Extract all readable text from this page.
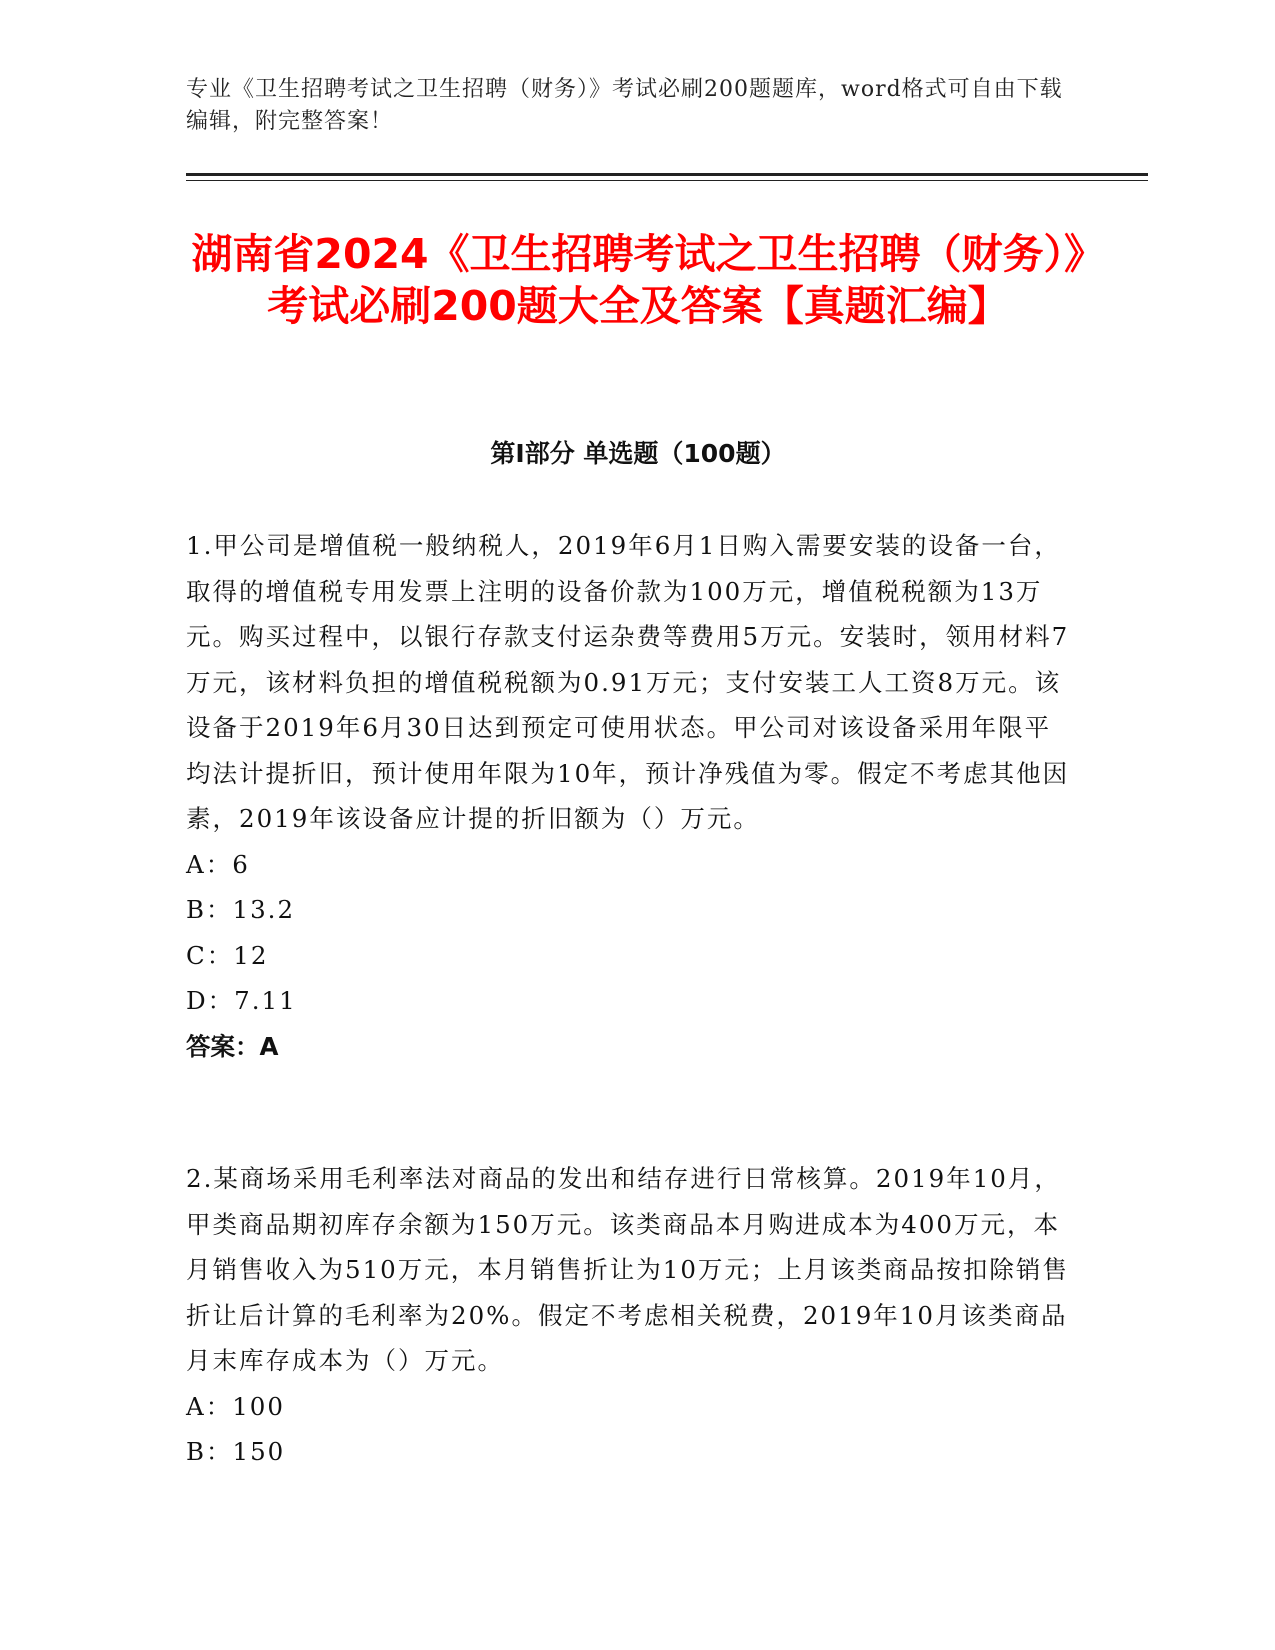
专业《卫生招聘考试之卫生招聘（财务）》考试必刷200题题库，word格式可自由下载编辑，附完整答案！
湖南省2024《卫生招聘考试之卫生招聘（财务）》考试必刷200题大全及答案【真题汇编】
第I部分 单选题（100题）

1.甲公司是增值税一般纳税人，2019年6月1日购入需要安装的设备一台，取得的增值税专用发票上注明的设备价款为100万元，增值税税额为13万元。购买过程中，以银行存款支付运杂费等费用5万元。安装时，领用材料7万元，该材料负担的增值税税额为0.91万元；支付安装工人工资8万元。该设备于2019年6月30日达到预定可使用状态。甲公司对该设备采用年限平均法计提折旧，预计使用年限为10年，预计净残值为零。假定不考虑其他因素，2019年该设备应计提的折旧额为（）万元。

A：6

B：13.2

C：12

D：7.11

答案：A

2.某商场采用毛利率法对商品的发出和结存进行日常核算。2019年10月，甲类商品期初库存余额为150万元。该类商品本月购进成本为400万元，本月销售收入为510万元，本月销售折让为10万元；上月该类商品按扣除销售折让后计算的毛利率为20%。假定不考虑相关税费，2019年10月该类商品月末库存成本为（）万元。

A：100

B：150
